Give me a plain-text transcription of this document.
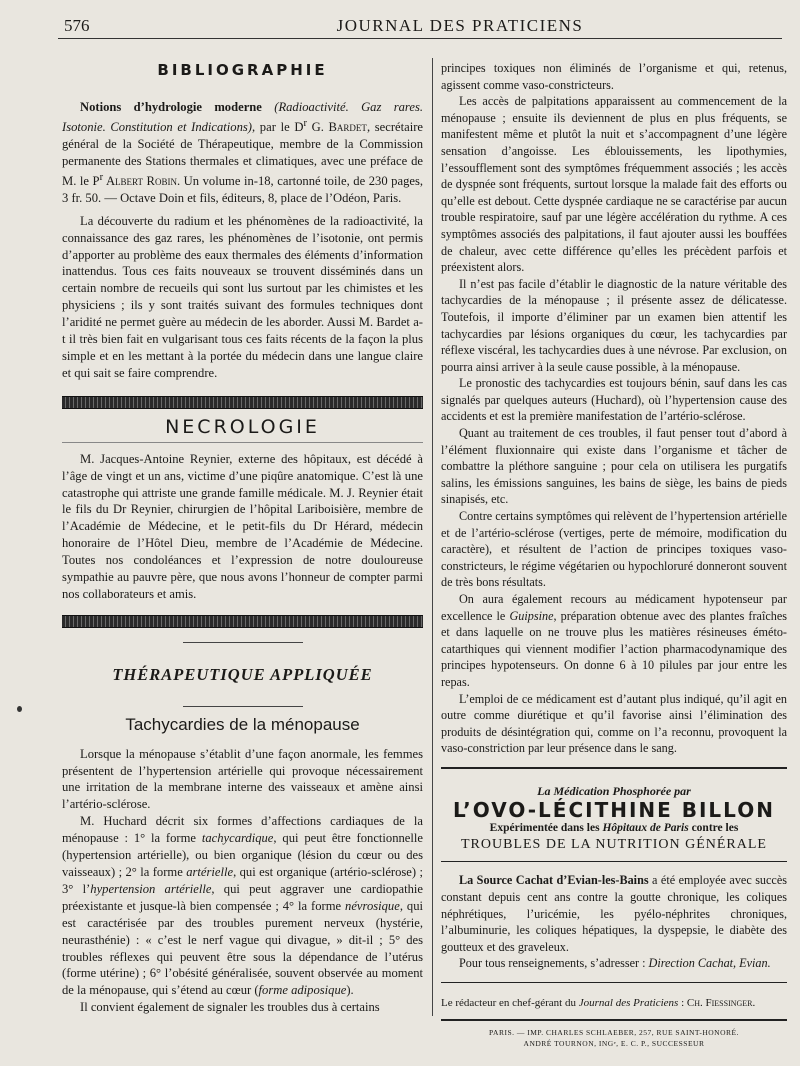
576	JOURNAL DES PRATICIENS
BIBLIOGRAPHIE

Notions d’hydrologie moderne (Radioactivité. Gaz rares. Isotonie. Constitution et Indications), par le $D^r$ G. Bardet, secrétaire général de la Société de Thérapeutique, membre de la Commission permanente des Stations thermales et climatiques, avec une préface de M. le $P^r$ Albert Robin. Un volume in-18, cartonné toile, de 230 pages, 3 fr. 50. — Octave Doin et fils, éditeurs, 8, place de l’Odéon, Paris.

La découverte du radium et les phénomènes de la radioactivité, la connaissance des gaz rares, les phénomènes de l’isotonie, ont permis d’apporter au problème des eaux thermales des éléments d’information inattendus. Tous ces faits nouveaux se trouvent disséminés dans un certain nombre de recueils qui sont lus surtout par les chimistes et les physiciens ; ils y sont traités suivant des formules techniques dont l’aridité ne permet guère au médecin de les aborder. Aussi M. Bardet a-t il très bien fait en vulgarisant tous ces faits récents de la façon la plus simple et en les mettant à la portée du médecin dans une langue claire et qui sait se faire comprendre.

NECROLOGIE

M. Jacques-Antoine Reynier, externe des hôpitaux, est décédé à l’âge de vingt et un ans, victime d’une piqûre anatomique. C’est là une catastrophe qui attriste une grande famille médicale. M. J. Reynier était le fils du Dr Reynier, chirurgien de l’hôpital Lariboisière, membre de l’Académie de Médecine, et le petit-fils du Dr Hérard, médecin honoraire de l’Hôtel Dieu, membre de l’Académie de Médecine. Toutes nos condoléances et l’expression de notre douloureuse sympathie au pauvre père, que nous avons l’honneur de compter parmi nos collaborateurs et amis.

THÉRAPEUTIQUE APPLIQUÉE
Tachycardies de la ménopause

Lorsque la ménopause s’établit d’une façon anormale, les femmes présentent de l’hypertension artérielle qui provoque nécessairement une irritation de la membrane interne des vaisseaux et amène ainsi l’artério-sclérose.

M. Huchard décrit six formes d’affections cardiaques de la ménopause : 1° la forme tachycardique, qui peut être fonctionnelle (hypertension artérielle), ou bien organique (lésion du cœur ou des vaisseaux) ; 2° la forme artérielle, qui est organique (artério-sclérose) ; 3° l’hypertension artérielle, qui peut aggraver une cardiopathie préexistante et jusque-là bien compensée ; 4° la forme névrosique, qui est caractérisée par des troubles purement nerveux (hystérie, neurasthénie) : « c’est le nerf vague qui divague, » dit-il ; 5° des troubles réflexes qui peuvent être sous la dépendance de l’utérus (forme utérine) ; 6° l’obésité généralisée, souvent observée au moment de la ménopause, qui s’étend au cœur (forme adiposique).

Il convient également de signaler les troubles dus à certains

principes toxiques non éliminés de l’organisme et qui, retenus, agissent comme vaso-constricteurs.

Les accès de palpitations apparaissent au commencement de la ménopause ; ensuite ils deviennent de plus en plus fréquents, se manifestent même et plutôt la nuit et s’accompagnent d’une légère sensation d’angoisse. Les éblouissements, les lipothymies, l’essoufflement sont des symptômes fréquemment associés ; les accès de dyspnée sont fréquents, surtout lorsque la malade fait des efforts ou qu’elle est debout. Cette dyspnée cardiaque ne se caractérise par aucun trouble respiratoire, sauf par une légère accélération du rythme. A ces symptômes associés des palpitations, il faut ajouter aussi les bouffées de chaleur, avec cette différence qu’elles les précèdent parfois et préexistent alors.

Il n’est pas facile d’établir le diagnostic de la nature véritable des tachycardies de la ménopause ; il présente assez de délicatesse. Toutefois, il importe d’éliminer par un examen bien attentif les tachycardies par lésions organiques du cœur, les tachycardies par réflexe viscéral, les tachycardies dues à une névrose. Par exclusion, on pourra ainsi arriver à la seule cause possible, à la ménopause.

Le pronostic des tachycardies est toujours bénin, sauf dans les cas signalés par quelques auteurs (Huchard), où l’hypertension cause des accidents et est la première manifestation de l’artério-sclérose.

Quant au traitement de ces troubles, il faut penser tout d’abord à l’élément fluxionnaire qui existe dans l’organisme et tâcher de combattre la pléthore sanguine ; pour cela on utilisera les purgatifs salins, les émissions sanguines, les bains de siège, les bains de pieds sinapisés, etc.

Contre certains symptômes qui relèvent de l’hypertension artérielle et de l’artério-sclérose (vertiges, perte de mémoire, modification du caractère), et résultent de l’action de principes toxiques vaso-constricteurs, le régime végétarien ou hypochloruré donneront souvent de très bons résultats.

On aura également recours au médicament hypotenseur par excellence le Guipsine, préparation obtenue avec des plantes fraîches et dans laquelle on ne trouve plus les matières résineuses éméto-catarthiques qui viennent modifier l’action pharmacodynamique des principes hypotenseurs. On donne 6 à 10 pilules par jour entre les repas.

L’emploi de ce médicament est d’autant plus indiqué, qu’il agit en outre comme diurétique et qu’il favorise ainsi l’élimination des produits de désintégration qui, comme on l’a reconnu, provoquent la vaso-constriction par leur présence dans le sang.

La Médication Phosphorée par
L’OVO-LÉCITHINE BILLON
Expérimentée dans les Hôpitaux de Paris contre les
TROUBLES DE LA NUTRITION GÉNÉRALE

La Source Cachat d’Evian-les-Bains a été employée avec succès constant depuis cent ans contre la goutte chronique, les coliques néphrétiques, l’uricémie, les pyélo-néphrites chroniques, l’albuminurie, les coliques hépatiques, la dyspepsie, le diabète des goutteux et des graveleux.

Pour tous renseignements, s’adresser : Direction Cachat, Evian.

Le rédacteur en chef-gérant du Journal des Praticiens : Ch. Fiessinger.
PARIS. — IMP. CHARLES SCHLAEBER, 257, RUE SAINT-HONORÉ.
ANDRÉ TOURNON, INGᵉ, E. C. P., SUCCESSEUR
